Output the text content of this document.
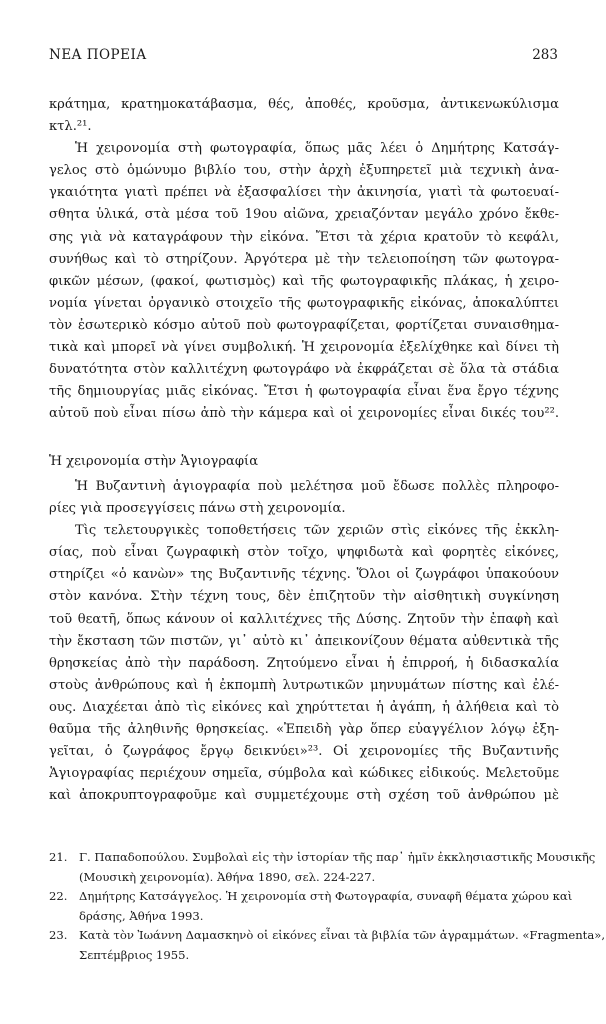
ΝΕΑ ΠΟΡΕΙΑ	283
κράτημα, κρατημοκατάβασμα, θές, ἀποθές, κροῦσμα, ἀντικενωκύλισμα
κτλ.²¹.
Ἡ χειρονομία στὴ φωτογραφία, ὅπως μᾶς λέει ὁ Δημήτρης Κατσάγ-
γελος στὸ ὁμώνυμο βιβλίο του, στὴν ἀρχὴ ἐξυπηρετεῖ μιὰ τεχνικὴ ἀνα-
γκαιότητα γιατὶ πρέπει νὰ ἐξασφαλίσει τὴν ἀκινησία, γιατὶ τὰ φωτοευαί-
σθητα ὑλικά, στὰ μέσα τοῦ 19ου αἰῶνα, χρειαζόνταν μεγάλο χρόνο ἔκθε-
σης γιὰ νὰ καταγράφουν τὴν εἰκόνα. Ἔτσι τὰ χέρια κρατοῦν τὸ κεφάλι,
συνήθως καὶ τὸ στηρίζουν. Ἀργότερα μὲ τὴν τελειοποίηση τῶν φωτογρα-
φικῶν μέσων, (φακοί, φωτισμὸς) καὶ τῆς φωτογραφικῆς πλάκας, ἡ χειρο-
νομία γίνεται ὀργανικὸ στοιχεῖο τῆς φωτογραφικῆς εἰκόνας, ἀποκαλύπτει
τὸν ἐσωτερικὸ κόσμο αὐτοῦ ποὺ φωτογραφίζεται, φορτίζεται συναισθημα-
τικὰ καὶ μπορεῖ νὰ γίνει συμβολική. Ἡ χειρονομία ἐξελίχθηκε καὶ δίνει τὴ
δυνατότητα στὸν καλλιτέχνη φωτογράφο νὰ ἐκφράζεται σὲ ὅλα τὰ στάδια
τῆς δημιουργίας μιᾶς εἰκόνας. Ἔτσι ἡ φωτογραφία εἶναι ἕνα ἔργο τέχνης
αὐτοῦ ποὺ εἶναι πίσω ἀπὸ τὴν κάμερα καὶ οἱ χειρονομίες εἶναι δικές του²².
Ἡ χειρονομία στὴν Ἁγιογραφία
Ἡ Βυζαντινὴ ἁγιογραφία ποὺ μελέτησα μοῦ ἔδωσε πολλὲς πληροφο-
ρίες γιὰ προσεγγίσεις πάνω στὴ χειρονομία.
Τὶς τελετουργικὲς τοποθετήσεις τῶν χεριῶν στὶς εἰκόνες τῆς ἐκκλη-
σίας, ποὺ εἶναι ζωγραφικὴ στὸν τοῖχο, ψηφιδωτὰ καὶ φορητὲς εἰκόνες,
στηρίζει «ὁ κανὼν» της Βυζαντινῆς τέχνης. Ὅλοι οἱ ζωγράφοι ὑπακούουν
στὸν κανόνα. Στὴν τέχνη τους, δὲν ἐπιζητοῦν τὴν αἰσθητικὴ συγκίνηση
τοῦ θεατῆ, ὅπως κάνουν οἱ καλλιτέχνες τῆς Δύσης. Ζητοῦν τὴν ἐπαφὴ καὶ
τὴν ἔκσταση τῶν πιστῶν, γι᾽ αὐτὸ κι᾽ ἀπεικονίζουν θέματα αὐθεντικὰ τῆς
θρησκείας ἀπὸ τὴν παράδοση. Ζητούμενο εἶναι ἡ ἐπιρροή, ἡ διδασκαλία
στοὺς ἀνθρώπους καὶ ἡ ἐκπομπὴ λυτρωτικῶν μηνυμάτων πίστης καὶ ἐλέ-
ους. Διαχέεται ἀπὸ τὶς εἰκόνες καὶ χηρύττεται ἡ ἀγάπη, ἡ ἀλήθεια καὶ τὸ
θαῦμα τῆς ἀληθινῆς θρησκείας. «Ἐπειδὴ γὰρ ὅπερ εὐαγγέλιον λόγῳ ἐξη-
γεῖται, ὁ ζωγράφος ἔργῳ δεικνύει»²³. Οἱ χειρονομίες τῆς Βυζαντινῆς
Ἁγιογραφίας περιέχουν σημεῖα, σύμβολα καὶ κώδικες εἰδικούς. Μελετοῦμε
καὶ ἀποκρυπτογραφοῦμε καὶ συμμετέχουμε στὴ σχέση τοῦ ἀνθρώπου μὲ
21. Γ. Παπαδοπούλου. Συμβολαὶ εἰς τὴν ἱστορίαν τῆς παρ᾽ ἡμῖν ἐκκλησιαστικῆς Μουσικῆς
(Μουσικὴ χειρονομία). Ἀθήνα 1890, σελ. 224-227.
22. Δημήτρης Κατσάγγελος. Ἡ χειρονομία στὴ Φωτογραφία, συναφῆ θέματα χώρου καὶ
δράσης, Ἀθήνα 1993.
23. Κατὰ τὸν Ἰωάννη Δαμασκηνὸ οἱ εἰκόνες εἶναι τὰ βιβλία τῶν ἀγραμμάτων. «Fragmenta»,
Σεπτέμβριος 1955.
